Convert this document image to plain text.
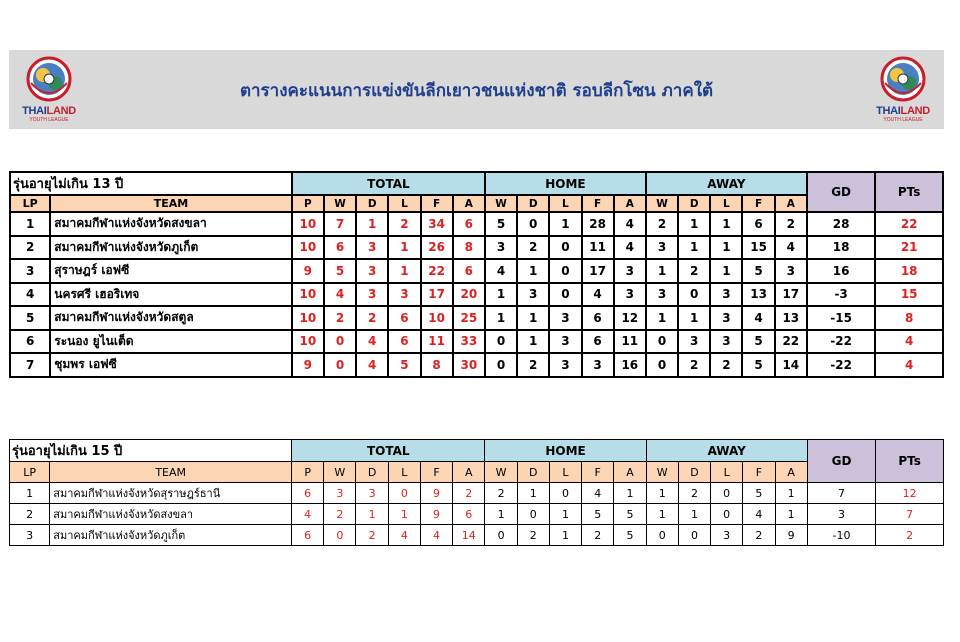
THAILAND
YOUTH LEAGUE
ตารางคะแนนการแข่งขันลีกเยาวชนแห่งชาติ รอบลีกโซน ภาคใต้
THAILAND
YOUTH LEAGUE
รุ่นอายุไม่เกิน 13 ปี		TOTAL						HOME					AWAY					GD	PTs
LP	TEAM	P	W	D	L	F	A	W	D	L	F	A	W	D	L	F	A		
1	สมาคมกีฬาแห่งจังหวัดสงขลา	10	7	1	2	34	6	5	0	1	28	4	2	1	1	6	2	28	22
2	สมาคมกีฬาแห่งจังหวัดภูเก็ต	10	6	3	1	26	8	3	2	0	11	4	3	1	1	15	4	18	21
3	สุราษฎร์ เอฟซี	9	5	3	1	22	6	4	1	0	17	3	1	2	1	5	3	16	18
4	นครศรี เฮอริเทจ	10	4	3	3	17	20	1	3	0	4	3	3	0	3	13	17	-3	15
5	สมาคมกีฬาแห่งจังหวัดสตูล	10	2	2	6	10	25	1	1	3	6	12	1	1	3	4	13	-15	8
6	ระนอง ยูไนเต็ด	10	0	4	6	11	33	0	1	3	6	11	0	3	3	5	22	-22	4
7	ชุมพร เอฟซี	9	0	4	5	8	30	0	2	3	3	16	0	2	2	5	14	-22	4
รุ่นอายุไม่เกิน 15 ปี		TOTAL						HOME					AWAY					GD	PTs
LP	TEAM	P	W	D	L	F	A	W	D	L	F	A	W	D	L	F	A		
1	สมาคมกีฬาแห่งจังหวัดสุราษฎร์ธานี	6	3	3	0	9	2	2	1	0	4	1	1	2	0	5	1	7	12
2	สมาคมกีฬาแห่งจังหวัดสงขลา	4	2	1	1	9	6	1	0	1	5	5	1	1	0	4	1	3	7
3	สมาคมกีฬาแห่งจังหวัดภูเก็ต	6	0	2	4	4	14	0	2	1	2	5	0	0	3	2	9	-10	2
